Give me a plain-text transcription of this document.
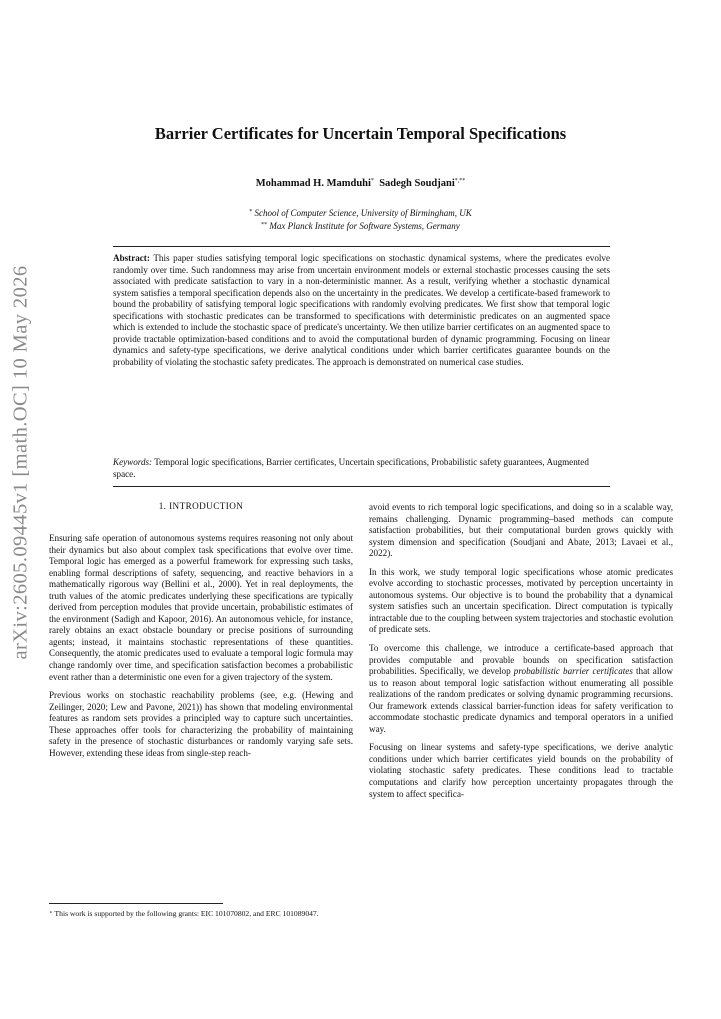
arXiv:2605.09445v1 [math.OC] 10 May 2026
Barrier Certificates for Uncertain Temporal Specifications
Mohammad H. Mamduhi* Sadegh Soudjani*,**
* School of Computer Science, University of Birmingham, UK
** Max Planck Institute for Software Systems, Germany
Abstract: This paper studies satisfying temporal logic specifications on stochastic dynamical systems, where the predicates evolve randomly over time. Such randomness may arise from uncertain environment models or external stochastic processes causing the sets associated with predicate satisfaction to vary in a non-deterministic manner. As a result, verifying whether a stochastic dynamical system satisfies a temporal specification depends also on the uncertainty in the predicates. We develop a certificate-based framework to bound the probability of satisfying temporal logic specifications with randomly evolving predicates. We first show that temporal logic specifications with stochastic predicates can be transformed to specifications with deterministic predicates on an augmented space which is extended to include the stochastic space of predicate's uncertainty. We then utilize barrier certificates on an augmented space to provide tractable optimization-based conditions and to avoid the computational burden of dynamic programming. Focusing on linear dynamics and safety-type specifications, we derive analytical conditions under which barrier certificates guarantee bounds on the probability of violating the stochastic safety predicates. The approach is demonstrated on numerical case studies.
Keywords: Temporal logic specifications, Barrier certificates, Uncertain specifications, Probabilistic safety guarantees, Augmented space.
1. INTRODUCTION

Ensuring safe operation of autonomous systems requires reasoning not only about their dynamics but also about complex task specifications that evolve over time. Temporal logic has emerged as a powerful framework for expressing such tasks, enabling formal descriptions of safety, sequencing, and reactive behaviors in a mathematically rigorous way (Bellini et al., 2000). Yet in real deployments, the truth values of the atomic predicates underlying these specifications are typically derived from perception modules that provide uncertain, probabilistic estimates of the environment (Sadigh and Kapoor, 2016). An autonomous vehicle, for instance, rarely obtains an exact obstacle boundary or precise positions of surrounding agents; instead, it maintains stochastic representations of these quantities. Consequently, the atomic predicates used to evaluate a temporal logic formula may change randomly over time, and specification satisfaction becomes a probabilistic event rather than a deterministic one even for a given trajectory of the system.

Previous works on stochastic reachability problems (see, e.g. (Hewing and Zeilinger, 2020; Lew and Pavone, 2021)) has shown that modeling environmental features as random sets provides a principled way to capture such uncertainties. These approaches offer tools for characterizing the probability of maintaining safety in the presence of stochastic disturbances or randomly varying safe sets. However, extending these ideas from single-step reach-

⋆ This work is supported by the following grants: EIC 101070802, and ERC 101089047.

avoid events to rich temporal logic specifications, and doing so in a scalable way, remains challenging. Dynamic programming–based methods can compute satisfaction probabilities, but their computational burden grows quickly with system dimension and specification (Soudjani and Abate, 2013; Lavaei et al., 2022).

In this work, we study temporal logic specifications whose atomic predicates evolve according to stochastic processes, motivated by perception uncertainty in autonomous systems. Our objective is to bound the probability that a dynamical system satisfies such an uncertain specification. Direct computation is typically intractable due to the coupling between system trajectories and stochastic evolution of predicate sets.

To overcome this challenge, we introduce a certificate-based approach that provides computable and provable bounds on specification satisfaction probabilities. Specifically, we develop probabilistic barrier certificates that allow us to reason about temporal logic satisfaction without enumerating all possible realizations of the random predicates or solving dynamic programming recursions. Our framework extends classical barrier-function ideas for safety verification to accommodate stochastic predicate dynamics and temporal operators in a unified way.

Focusing on linear systems and safety-type specifications, we derive analytic conditions under which barrier certificates yield bounds on the probability of violating stochastic safety predicates. These conditions lead to tractable computations and clarify how perception uncertainty propagates through the system to affect specifica-
